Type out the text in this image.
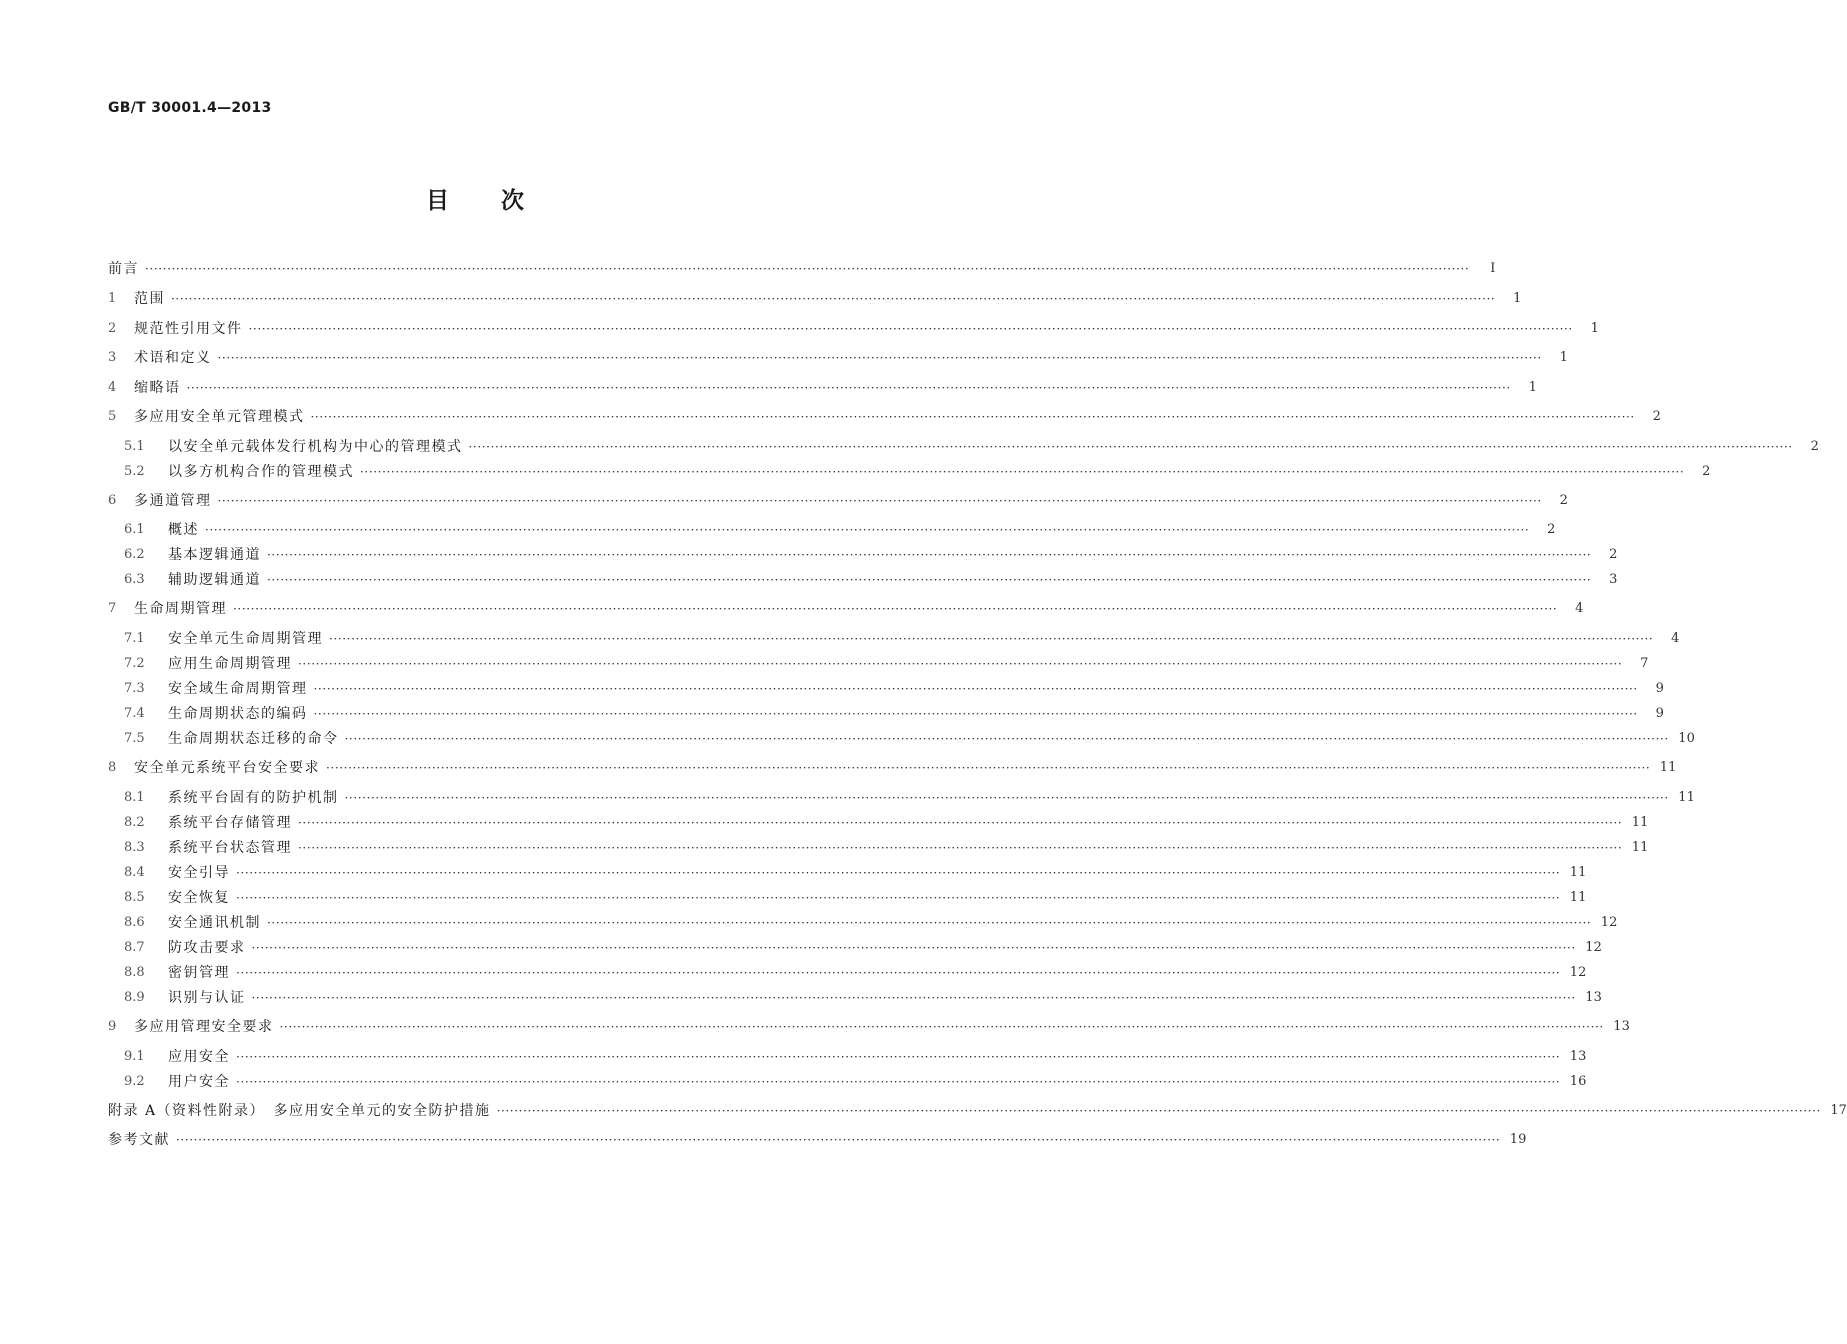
GB/T 30001.4—2013
目 次
前言 ············································································································································································································································································································	Ⅰ
1	范围 ············································································································································································································································································································	1
2	规范性引用文件 ············································································································································································································································································································	1
3	术语和定义 ············································································································································································································································································································	1
4	缩略语 ············································································································································································································································································································	1
5	多应用安全单元管理模式 ············································································································································································································································································································	2
5.1	以安全单元载体发行机构为中心的管理模式 ············································································································································································································································································································	2
5.2	以多方机构合作的管理模式 ············································································································································································································································································································	2
6	多通道管理 ············································································································································································································································································································	2
6.1	概述 ············································································································································································································································································································	2
6.2	基本逻辑通道 ············································································································································································································································································································	2
6.3	辅助逻辑通道 ············································································································································································································································································································	3
7	生命周期管理 ············································································································································································································································································································	4
7.1	安全单元生命周期管理 ············································································································································································································································································································	4
7.2	应用生命周期管理 ············································································································································································································································································································	7
7.3	安全域生命周期管理 ············································································································································································································································································································	9
7.4	生命周期状态的编码 ············································································································································································································································································································	9
7.5	生命周期状态迁移的命令 ············································································································································································································································································································ 10
8	安全单元系统平台安全要求 ············································································································································································································································································································ 11
8.1	系统平台固有的防护机制 ············································································································································································································································································································ 11
8.2	系统平台存储管理 ············································································································································································································································································································ 11
8.3	系统平台状态管理 ············································································································································································································································································································ 11
8.4	安全引导 ············································································································································································································································································································ 11
8.5	安全恢复 ············································································································································································································································································································ 11
8.6	安全通讯机制 ············································································································································································································································································································ 12
8.7	防攻击要求 ············································································································································································································································································································ 12
8.8	密钥管理 ············································································································································································································································································································ 12
8.9	识别与认证 ············································································································································································································································································································ 13
9	多应用管理安全要求 ············································································································································································································································································································ 13
9.1	应用安全 ············································································································································································································································································································ 13
9.2	用户安全 ············································································································································································································································································································ 16
附录 A（资料性附录）　多应用安全单元的安全防护措施 ············································································································································································································································································································ 17
参考文献 ············································································································································································································································································································ 19
